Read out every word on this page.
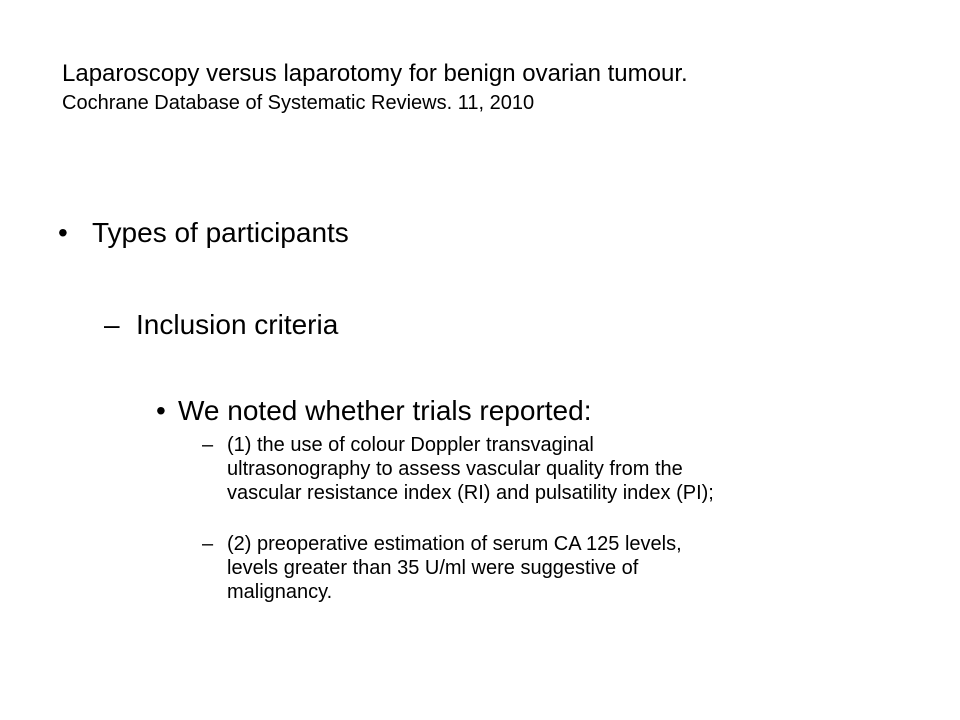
Laparoscopy versus laparotomy for benign ovarian tumour.
Cochrane Database of Systematic Reviews. 11, 2010
• Types of participants
– Inclusion criteria
• We noted whether trials reported:
– (1) the use of colour Doppler transvaginal
ultrasonography to assess vascular quality from the
vascular resistance index (RI) and pulsatility index (PI);
– (2) preoperative estimation of serum CA 125 levels,
levels greater than 35 U/ml were suggestive of
malignancy.
